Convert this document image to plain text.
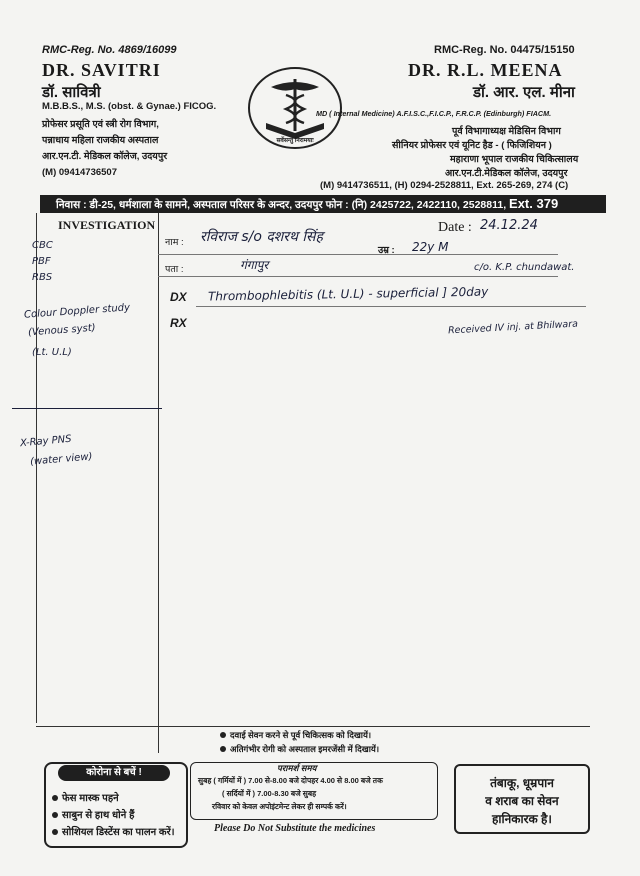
RMC-Reg. No. 4869/16099
DR. SAVITRI
डॉ. सावित्री
M.B.B.S., M.S. (obst. & Gynae.) FICOG.
प्रोफेसर प्रसूति एवं स्त्री रोग विभाग,
पन्नाधाय महिला राजकीय अस्पताल
आर.एन.टी. मेडिकल कॉलेज, उदयपुर
(M) 09414736507
सर्वेसन्तु निरामयाः
RMC-Reg. No. 04475/15150
DR. R.L. MEENA
डॉ. आर. एल. मीना
MD ( Internal Medicine) A.F.I.S.C.,F.I.C.P., F.R.C.P. (Edinburgh) FIACM.
पूर्व विभागाध्यक्ष मेडिसिन विभाग
सीनियर प्रोफेसर एवं यूनिट हैड - ( फिजिशियन )
महाराणा भूपाल राजकीय चिकित्सालय
आर.एन.टी.मेडिकल कॉलेज, उदयपुर
(M) 9414736511, (H) 0294-2528811, Ext. 265-269, 274 (C)
निवास : डी-25, धर्मशाला के सामने, अस्पताल परिसर के अन्दर, उदयपुर फोन : (नि) 2425722, 2422110, 2528811, Ext. 379
INVESTIGATION
नाम :
उम्र :
पता :
Date :
DX
RX
रविराज s/o दशरथ सिंह
22y M
गंगापुर
24.12.24
c/o. K.P. chundawat.
Thrombophlebitis (Lt. U.L) - superficial ] 20day
Received IV inj. at Bhilwara
CBC
PBF
RBS
Colour Doppler study
(Venous syst)
(Lt. U.L)
X-Ray PNS
(water view)
दवाई सेवन करने से पूर्व चिकित्सक को दिखायें।
अतिगंभीर रोगी को अस्पताल इमरजेंसी में दिखायें।
कोरोना से बचें !
फेस मास्क पहने
साबुन से हाथ धोने हैं
सोशियल डिस्टेंस का पालन करें।
परामर्श समय
सुबह ( गर्मियों में ) 7.00 से-8.00 बजे दोपहर 4.00 से 8.00 बजे तक
( सर्दियों में ) 7.00-8.30 बजे सुबह
रविवार को केवल अपोइंटमेन्ट लेकर ही सम्पर्क करें।
Please Do Not Substitute the medicines
तंबाकू, धूम्रपान
व शराब का सेवन
हानिकारक है।
